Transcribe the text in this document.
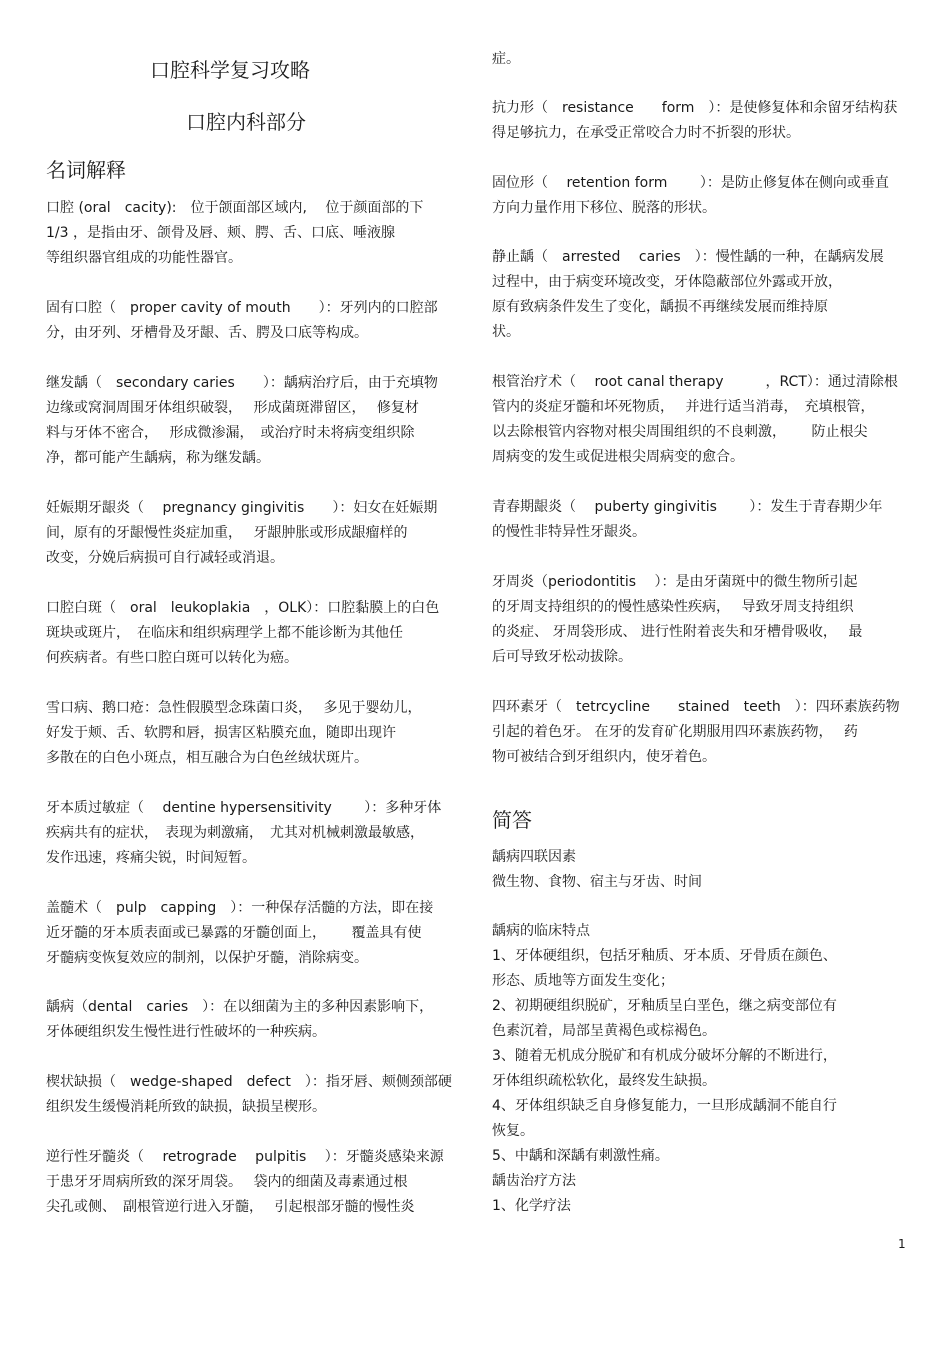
口腔科学复习攻略
口腔内科部分
名词解释
口腔 (oral　cacity):　位于颌面部区域内,　 位于颜面部的下
1/3 ，是指由牙、颌骨及唇、颊、腭、舌、口底、唾液腺
等组织器官组成的功能性器官。
固有口腔（　proper cavity of mouth　　）：牙列内的口腔部
分，由牙列、牙槽骨及牙龈、舌、腭及口底等构成。
继发龋（　secondary caries　　）：龋病治疗后，由于充填物
边缘或窝洞周围牙体组织破裂，　 形成菌斑滞留区，　 修复材
料与牙体不密合，　 形成微渗漏，　或治疗时未将病变组织除
净，都可能产生龋病，称为继发龋。
妊娠期牙龈炎（　 pregnancy gingivitis　　）：妇女在妊娠期
间，原有的牙龈慢性炎症加重，　 牙龈肿胀或形成龈瘤样的
改变，分娩后病损可自行减轻或消退。
口腔白斑（　oral　leukoplakia　，OLK）：口腔黏膜上的白色
斑块或斑片，　在临床和组织病理学上都不能诊断为其他任
何疾病者。有些口腔白斑可以转化为癌。
雪口病、鹅口疮：急性假膜型念珠菌口炎，　 多见于婴幼儿，
好发于颊、舌、软腭和唇，损害区粘膜充血，随即出现许
多散在的白色小斑点，相互融合为白色丝绒状斑片。
牙本质过敏症（　 dentine hypersensitivity　　 ）：多种牙体
疾病共有的症状，　表现为刺激痛，　尤其对机械刺激最敏感，
发作迅速，疼痛尖锐，时间短暂。
盖髓术（　pulp　capping　）：一种保存活髓的方法，即在接
近牙髓的牙本质表面或已暴露的牙髓创面上，　　 覆盖具有使
牙髓病变恢复效应的制剂，以保护牙髓，消除病变。
龋病（dental　caries　）：在以细菌为主的多种因素影响下，
牙体硬组织发生慢性进行性破坏的一种疾病。
楔状缺损（　wedge-shaped　defect　）：指牙唇、颊侧颈部硬
组织发生缓慢消耗所致的缺损，缺损呈楔形。
逆行性牙髓炎（　 retrograde　 pulpitis　 ）：牙髓炎感染来源
于患牙牙周病所致的深牙周袋。　 袋内的细菌及毒素通过根
尖孔或侧、　副根管逆行进入牙髓，　 引起根部牙髓的慢性炎
症。
抗力形（　resistance　　form　）：是使修复体和余留牙结构获
得足够抗力，在承受正常咬合力时不折裂的形状。
固位形（　 retention form　　 ）：是防止修复体在侧向或垂直
方向力量作用下移位、脱落的形状。
静止龋（　arrested　 caries　）：慢性龋的一种，在龋病发展
过程中，由于病变环境改变，牙体隐蔽部位外露或开放，
原有致病条件发生了变化，龋损不再继续发展而维持原
状。
根管治疗术（　 root canal therapy　　　，RCT）：通过清除根
管内的炎症牙髓和坏死物质，　 并进行适当消毒，　充填根管，
以去除根管内容物对根尖周围组织的不良刺激，　　 防止根尖
周病变的发生或促进根尖周病变的愈合。
青春期龈炎（　 puberty gingivitis　　 ）：发生于青春期少年
的慢性非特异性牙龈炎。
牙周炎（periodontitis　 ）：是由牙菌斑中的微生物所引起
的牙周支持组织的的慢性感染性疾病，　 导致牙周支持组织
的炎症、 牙周袋形成、 进行性附着丧失和牙槽骨吸收，　 最
后可导致牙松动拔除。
四环素牙（　tetrcycline　　stained　teeth　）：四环素族药物
引起的着色牙。 在牙的发育矿化期服用四环素族药物，　 药
物可被结合到牙组织内，使牙着色。
简答
龋病四联因素
微生物、食物、宿主与牙齿、时间
龋病的临床特点
1、牙体硬组织，包括牙釉质、牙本质、牙骨质在颜色、
形态、质地等方面发生变化；
2、初期硬组织脱矿，牙釉质呈白垩色，继之病变部位有
色素沉着，局部呈黄褐色或棕褐色。
3、随着无机成分脱矿和有机成分破坏分解的不断进行，
牙体组织疏松软化，最终发生缺损。
4、牙体组织缺乏自身修复能力，一旦形成龋洞不能自行
恢复。
5、中龋和深龋有刺激性痛。
龋齿治疗方法
1、化学疗法
1
